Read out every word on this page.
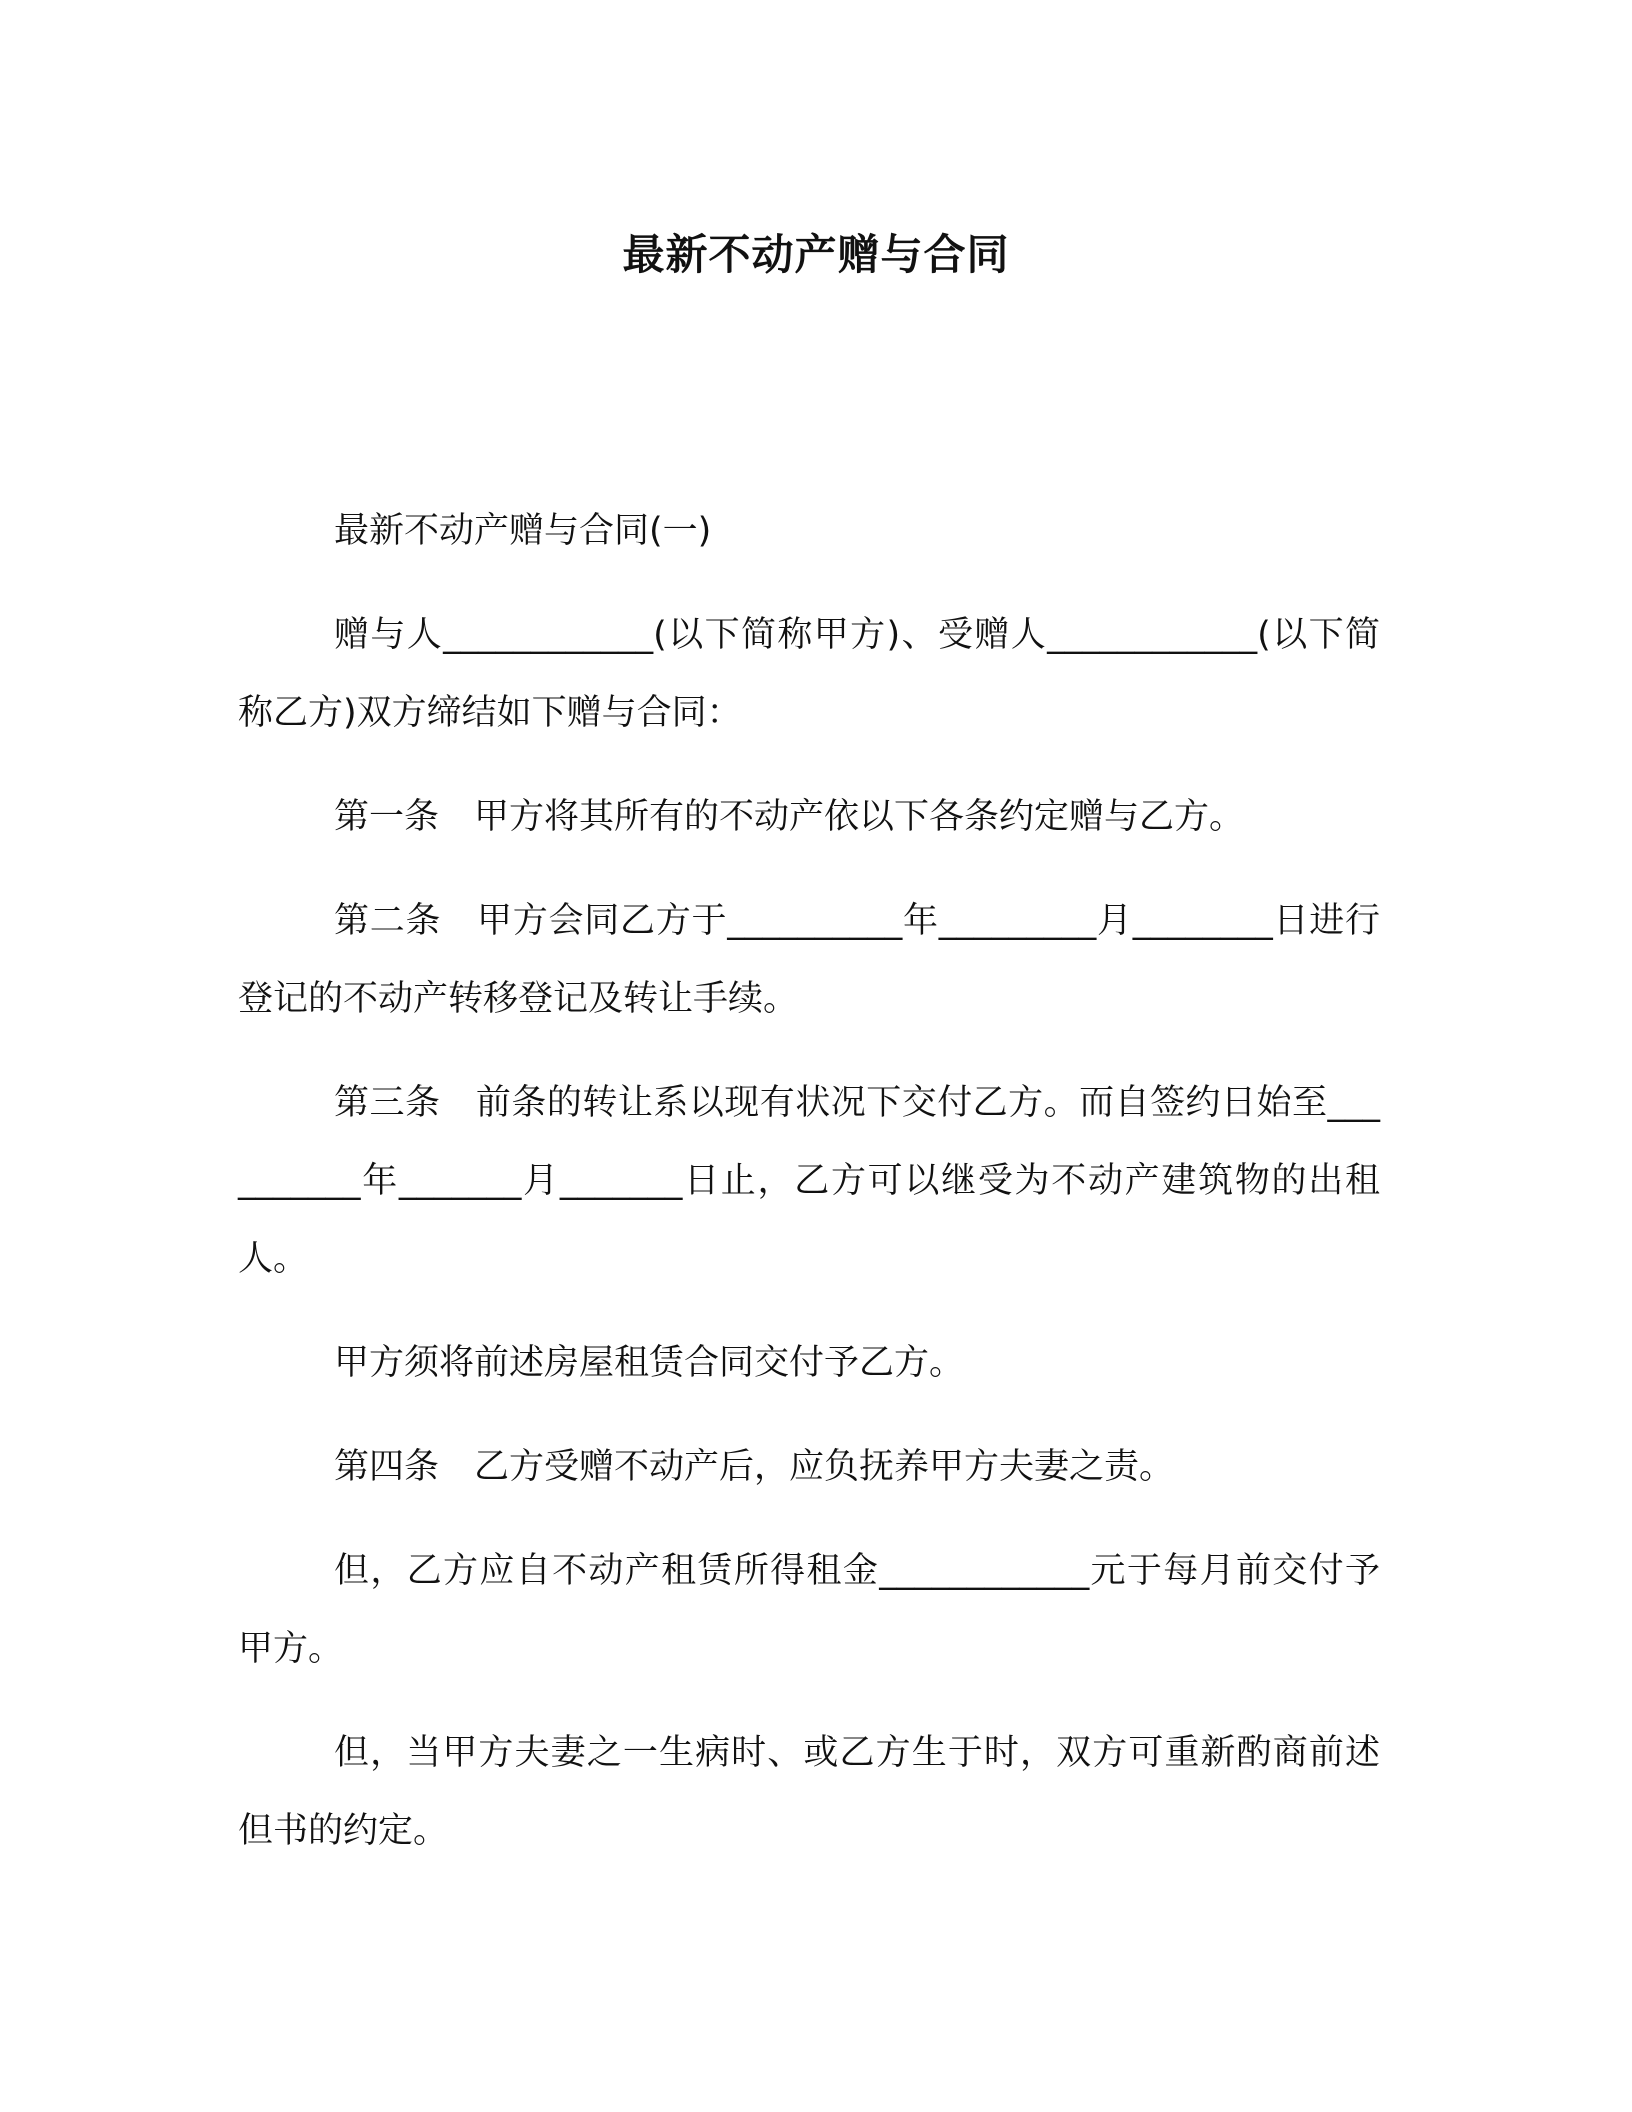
最新不动产赠与合同

最新不动产赠与合同(一)

赠与人____________(以下简称甲方)、受赠人____________(以下简称乙方)双方缔结如下赠与合同：

第一条　甲方将其所有的不动产依以下各条约定赠与乙方。

第二条　甲方会同乙方于__________年_________月________日进行登记的不动产转移登记及转让手续。

第三条　前条的转让系以现有状况下交付乙方。而自签约日始至__________年_______月_______日止，乙方可以继受为不动产建筑物的出租人。

甲方须将前述房屋租赁合同交付予乙方。

第四条　乙方受赠不动产后，应负抚养甲方夫妻之责。

但，乙方应自不动产租赁所得租金____________元于每月前交付予甲方。

但，当甲方夫妻之一生病时、或乙方生于时，双方可重新酌商前述但书的约定。
